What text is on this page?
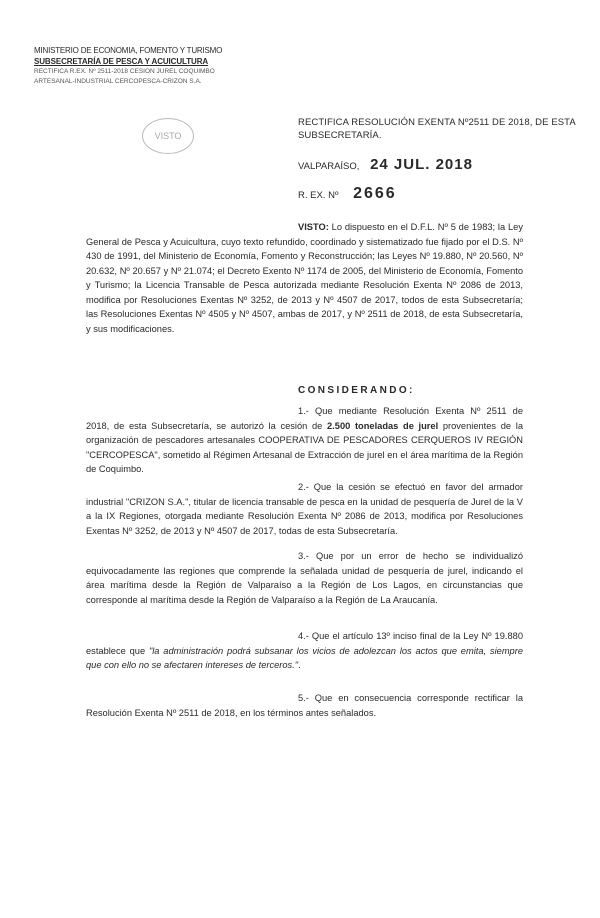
MINISTERIO DE ECONOMIA, FOMENTO Y TURISMO
SUBSECRETARÍA DE PESCA Y ACUICULTURA
RECTIFICA R.EX. Nº 2511-2018 CESION JUREL COQUIMBO
ARTESANAL-INDUSTRIAL CERCOPESCA-CRIZON S.A.
VISTO
RECTIFICA RESOLUCIÓN EXENTA Nº2511 DE 2018, DE ESTA SUBSECRETARÍA.
VALPARAÍSO, 24 JUL. 2018
R. EX. Nº 2666
VISTO: Lo dispuesto en el D.F.L. Nº 5 de 1983; la Ley General de Pesca y Acuicultura, cuyo texto refundido, coordinado y sistematizado fue fijado por el D.S. Nº 430 de 1991, del Ministerio de Economía, Fomento y Reconstrucción; las Leyes Nº 19.880, Nº 20.560, Nº 20.632, Nº 20.657 y Nº 21.074; el Decreto Exento Nº 1174 de 2005, del Ministerio de Economía, Fomento y Turismo; la Licencia Transable de Pesca autorizada mediante Resolución Exenta Nº 2086 de 2013, modifica por Resoluciones Exentas Nº 3252, de 2013 y Nº 4507 de 2017, todos de esta Subsecretaría; las Resoluciones Exentas Nº 4505 y Nº 4507, ambas de 2017, y Nº 2511 de 2018, de esta Subsecretaría, y sus modificaciones.
CONSIDERANDO:
1.- Que mediante Resolución Exenta Nº 2511 de 2018, de esta Subsecretaría, se autorizó la cesión de 2.500 toneladas de jurel provenientes de la organización de pescadores artesanales COOPERATIVA DE PESCADORES CERQUEROS IV REGIÓN "CERCOPESCA", sometido al Régimen Artesanal de Extracción de jurel en el área marítima de la Región de Coquimbo.
2.- Que la cesión se efectuó en favor del armador industrial "CRIZON S.A.", titular de licencia transable de pesca en la unidad de pesquería de Jurel de la V a la IX Regiones, otorgada mediante Resolución Exenta Nº 2086 de 2013, modifica por Resoluciones Exentas Nº 3252, de 2013 y Nº 4507 de 2017, todas de esta Subsecretaría.
3.- Que por un error de hecho se individualizó equivocadamente las regiones que comprende la señalada unidad de pesquería de jurel, indicando el área marítima desde la Región de Valparaíso a la Región de Los Lagos, en circunstancias que corresponde al marítima desde la Región de Valparaíso a la Región de La Araucanía.
4.- Que el artículo 13º inciso final de la Ley Nº 19.880 establece que "la administración podrá subsanar los vicios de adolezcan los actos que emita, siempre que con ello no se afectaren intereses de terceros.".
5.- Que en consecuencia corresponde rectificar la Resolución Exenta Nº 2511 de 2018, en los términos antes señalados.
